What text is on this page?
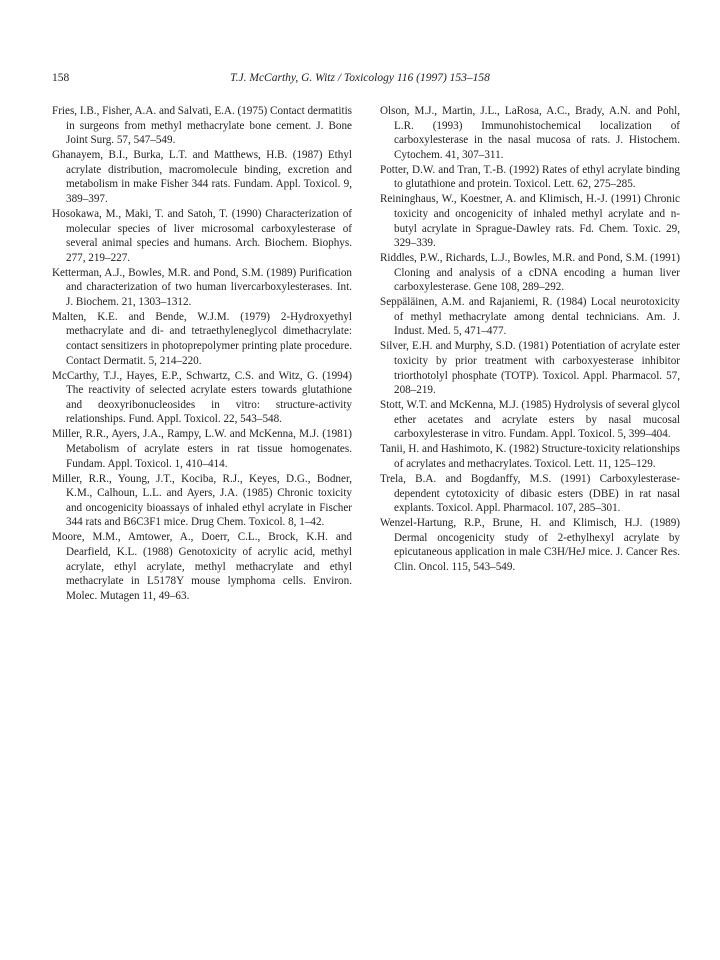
158	T.J. McCarthy, G. Witz / Toxicology 116 (1997) 153–158

Fries, I.B., Fisher, A.A. and Salvati, E.A. (1975) Contact dermatitis in surgeons from methyl methacrylate bone cement. J. Bone Joint Surg. 57, 547–549.

Ghanayem, B.I., Burka, L.T. and Matthews, H.B. (1987) Ethyl acrylate distribution, macromolecule binding, excretion and metabolism in make Fisher 344 rats. Fundam. Appl. Toxicol. 9, 389–397.

Hosokawa, M., Maki, T. and Satoh, T. (1990) Characterization of molecular species of liver microsomal carboxylesterase of several animal species and humans. Arch. Biochem. Biophys. 277, 219–227.

Ketterman, A.J., Bowles, M.R. and Pond, S.M. (1989) Purification and characterization of two human livercarboxylesterases. Int. J. Biochem. 21, 1303–1312.

Malten, K.E. and Bende, W.J.M. (1979) 2-Hydroxyethyl methacrylate and di- and tetraethyleneglycol dimethacrylate: contact sensitizers in photoprepolymer printing plate procedure. Contact Dermatit. 5, 214–220.

McCarthy, T.J., Hayes, E.P., Schwartz, C.S. and Witz, G. (1994) The reactivity of selected acrylate esters towards glutathione and deoxyribonucleosides in vitro: structure-activity relationships. Fund. Appl. Toxicol. 22, 543–548.

Miller, R.R., Ayers, J.A., Rampy, L.W. and McKenna, M.J. (1981) Metabolism of acrylate esters in rat tissue homogenates. Fundam. Appl. Toxicol. 1, 410–414.

Miller, R.R., Young, J.T., Kociba, R.J., Keyes, D.G., Bodner, K.M., Calhoun, L.L. and Ayers, J.A. (1985) Chronic toxicity and oncogenicity bioassays of inhaled ethyl acrylate in Fischer 344 rats and B6C3F1 mice. Drug Chem. Toxicol. 8, 1–42.

Moore, M.M., Amtower, A., Doerr, C.L., Brock, K.H. and Dearfield, K.L. (1988) Genotoxicity of acrylic acid, methyl acrylate, ethyl acrylate, methyl methacrylate and ethyl methacrylate in L5178Y mouse lymphoma cells. Environ. Molec. Mutagen 11, 49–63.

Olson, M.J., Martin, J.L., LaRosa, A.C., Brady, A.N. and Pohl, L.R. (1993) Immunohistochemical localization of carboxylesterase in the nasal mucosa of rats. J. Histochem. Cytochem. 41, 307–311.

Potter, D.W. and Tran, T.-B. (1992) Rates of ethyl acrylate binding to glutathione and protein. Toxicol. Lett. 62, 275–285.

Reininghaus, W., Koestner, A. and Klimisch, H.-J. (1991) Chronic toxicity and oncogenicity of inhaled methyl acrylate and n-butyl acrylate in Sprague-Dawley rats. Fd. Chem. Toxic. 29, 329–339.

Riddles, P.W., Richards, L.J., Bowles, M.R. and Pond, S.M. (1991) Cloning and analysis of a cDNA encoding a human liver carboxylesterase. Gene 108, 289–292.

Seppäläinen, A.M. and Rajaniemi, R. (1984) Local neurotoxicity of methyl methacrylate among dental technicians. Am. J. Indust. Med. 5, 471–477.

Silver, E.H. and Murphy, S.D. (1981) Potentiation of acrylate ester toxicity by prior treatment with carboxyesterase inhibitor triorthotolyl phosphate (TOTP). Toxicol. Appl. Pharmacol. 57, 208–219.

Stott, W.T. and McKenna, M.J. (1985) Hydrolysis of several glycol ether acetates and acrylate esters by nasal mucosal carboxylesterase in vitro. Fundam. Appl. Toxicol. 5, 399–404.

Tanii, H. and Hashimoto, K. (1982) Structure-toxicity relationships of acrylates and methacrylates. Toxicol. Lett. 11, 125–129.

Trela, B.A. and Bogdanffy, M.S. (1991) Carboxylesterase-dependent cytotoxicity of dibasic esters (DBE) in rat nasal explants. Toxicol. Appl. Pharmacol. 107, 285–301.

Wenzel-Hartung, R.P., Brune, H. and Klimisch, H.J. (1989) Dermal oncogenicity study of 2-ethylhexyl acrylate by epicutaneous application in male C3H/HeJ mice. J. Cancer Res. Clin. Oncol. 115, 543–549.
